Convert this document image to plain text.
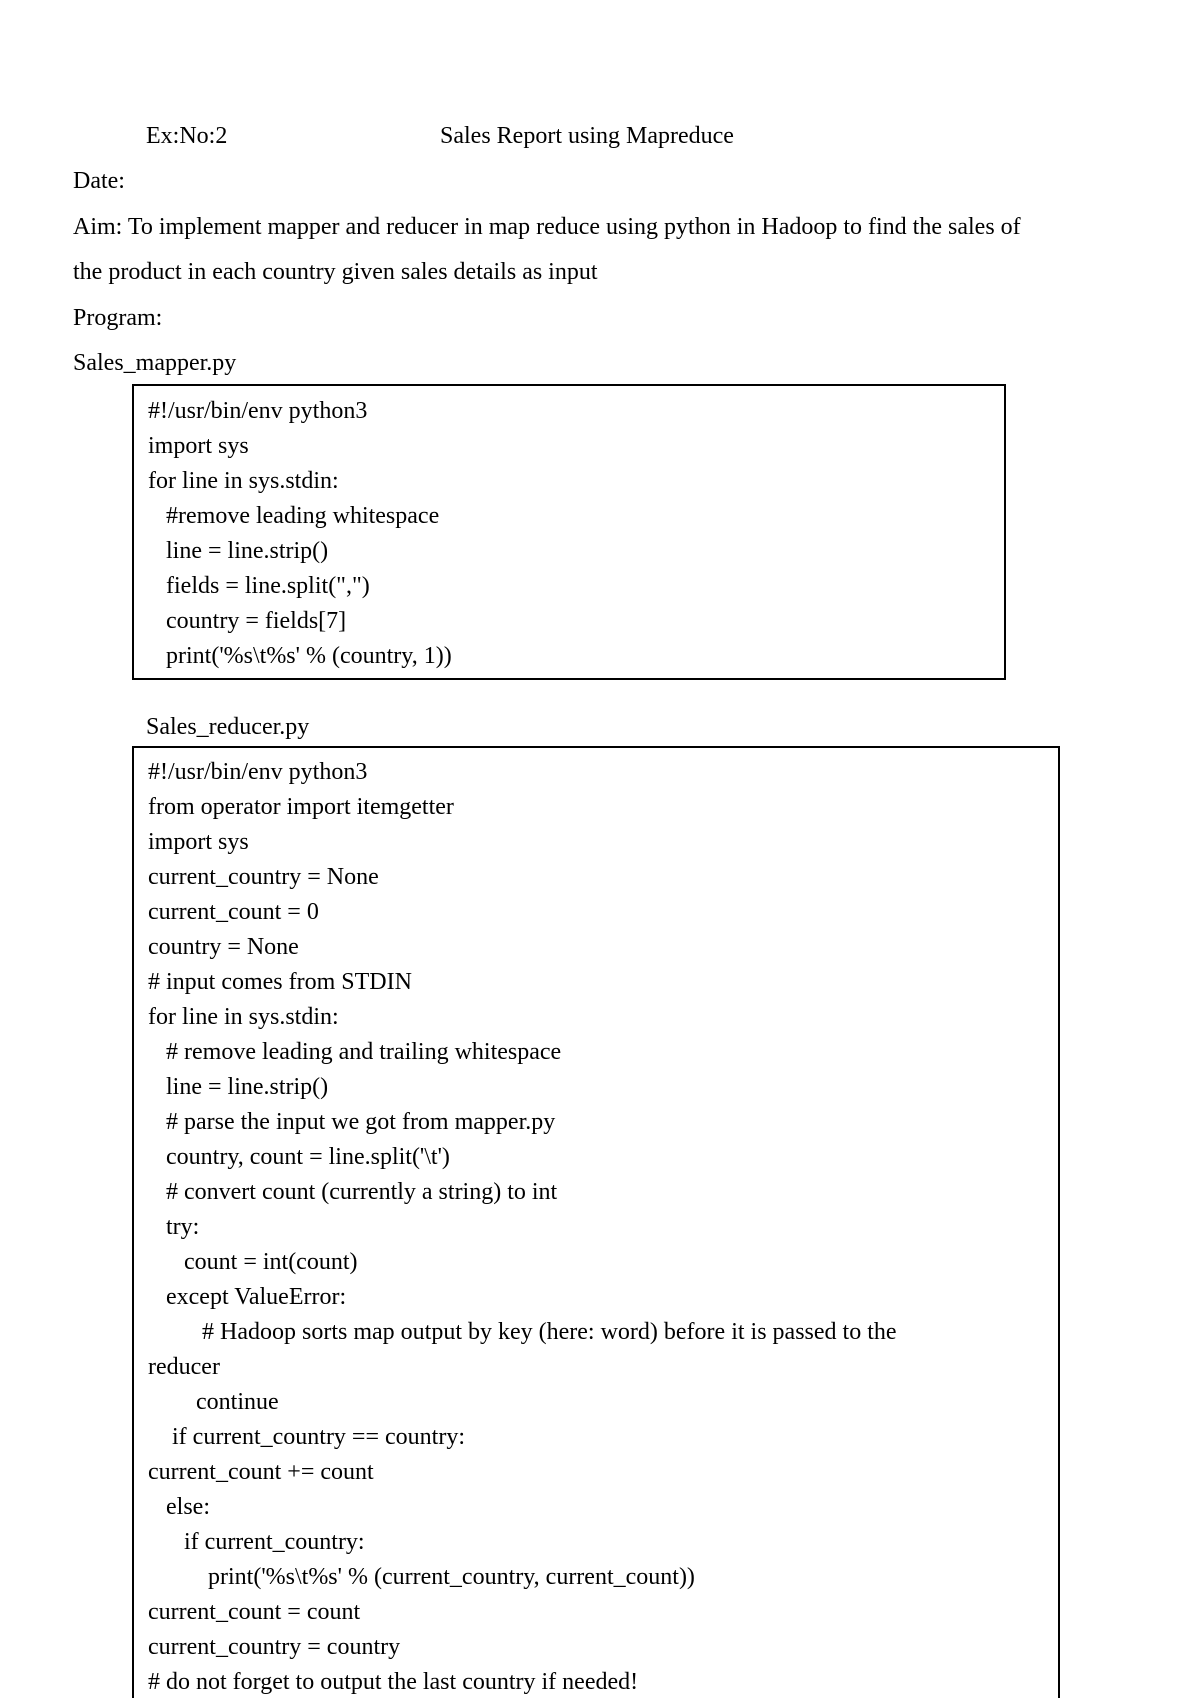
Ex:No:2	Sales Report using Mapreduce
Date:
Aim: To implement mapper and reducer in map reduce using python in Hadoop to find the sales of
the product in each country given sales details as input
Program:
Sales_mapper.py
#!/usr/bin/env python3
import sys
for line in sys.stdin:
#remove leading whitespace
line = line.strip()
fields = line.split(",")
country = fields[7]
print('%s\t%s' % (country, 1))
Sales_reducer.py
#!/usr/bin/env python3
from operator import itemgetter
import sys
current_country = None
current_count = 0
country = None
# input comes from STDIN
for line in sys.stdin:
# remove leading and trailing whitespace
line = line.strip()
# parse the input we got from mapper.py
country, count = line.split('\t')
# convert count (currently a string) to int
try:
count = int(count)
except ValueError:
# Hadoop sorts map output by key (here: word) before it is passed to the
reducer
continue
if current_country == country:
current_count += count
else:
if current_country:
print('%s\t%s' % (current_country, current_count))
current_count = count
current_country = country
# do not forget to output the last country if needed!
